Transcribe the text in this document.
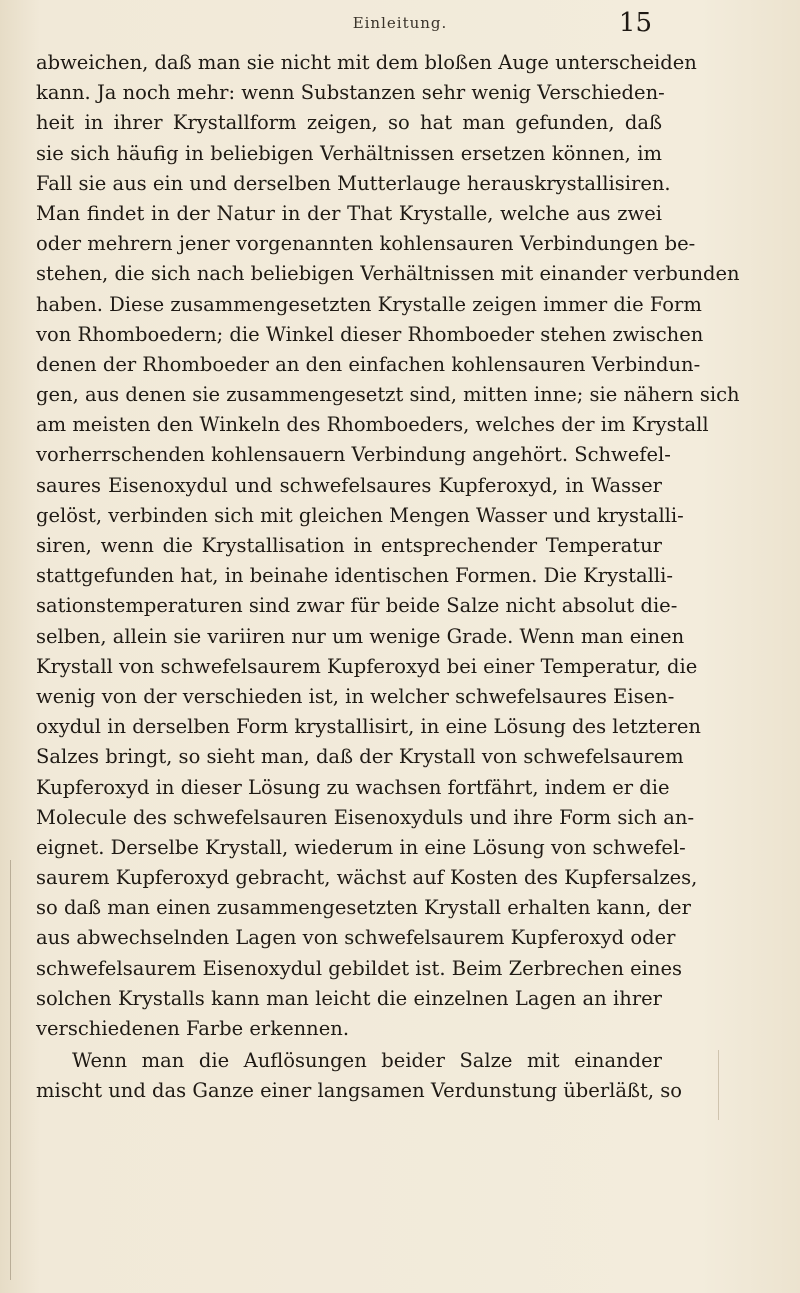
Einleitung.	15
abweichen, daß man sie nicht mit dem bloßen Auge unterscheiden
kann. Ja noch mehr: wenn Substanzen sehr wenig Verschieden-
heit in ihrer Krystallform zeigen, so hat man gefunden, daß
sie sich häufig in beliebigen Verhältnissen ersetzen können, im
Fall sie aus ein und derselben Mutterlauge herauskrystallisiren.
Man findet in der Natur in der That Krystalle, welche aus zwei
oder mehrern jener vorgenannten kohlensauren Verbindungen be-
stehen, die sich nach beliebigen Verhältnissen mit einander verbunden
haben. Diese zusammengesetzten Krystalle zeigen immer die Form
von Rhomboedern; die Winkel dieser Rhomboeder stehen zwischen
denen der Rhomboeder an den einfachen kohlensauren Verbindun-
gen, aus denen sie zusammengesetzt sind, mitten inne; sie nähern sich
am meisten den Winkeln des Rhomboeders, welches der im Krystall
vorherrschenden kohlensauern Verbindung angehört. Schwefel-
saures Eisenoxydul und schwefelsaures Kupferoxyd, in Wasser
gelöst, verbinden sich mit gleichen Mengen Wasser und krystalli-
siren, wenn die Krystallisation in entsprechender Temperatur
stattgefunden hat, in beinahe identischen Formen. Die Krystalli-
sationstemperaturen sind zwar für beide Salze nicht absolut die-
selben, allein sie variiren nur um wenige Grade. Wenn man einen
Krystall von schwefelsaurem Kupferoxyd bei einer Temperatur, die
wenig von der verschieden ist, in welcher schwefelsaures Eisen-
oxydul in derselben Form krystallisirt, in eine Lösung des letzteren
Salzes bringt, so sieht man, daß der Krystall von schwefelsaurem
Kupferoxyd in dieser Lösung zu wachsen fortfährt, indem er die
Molecule des schwefelsauren Eisenoxyduls und ihre Form sich an-
eignet. Derselbe Krystall, wiederum in eine Lösung von schwefel-
saurem Kupferoxyd gebracht, wächst auf Kosten des Kupfersalzes,
so daß man einen zusammengesetzten Krystall erhalten kann, der
aus abwechselnden Lagen von schwefelsaurem Kupferoxyd oder
schwefelsaurem Eisenoxydul gebildet ist. Beim Zerbrechen eines
solchen Krystalls kann man leicht die einzelnen Lagen an ihrer
verschiedenen Farbe erkennen.
Wenn man die Auflösungen beider Salze mit einander
mischt und das Ganze einer langsamen Verdunstung überläßt, so
